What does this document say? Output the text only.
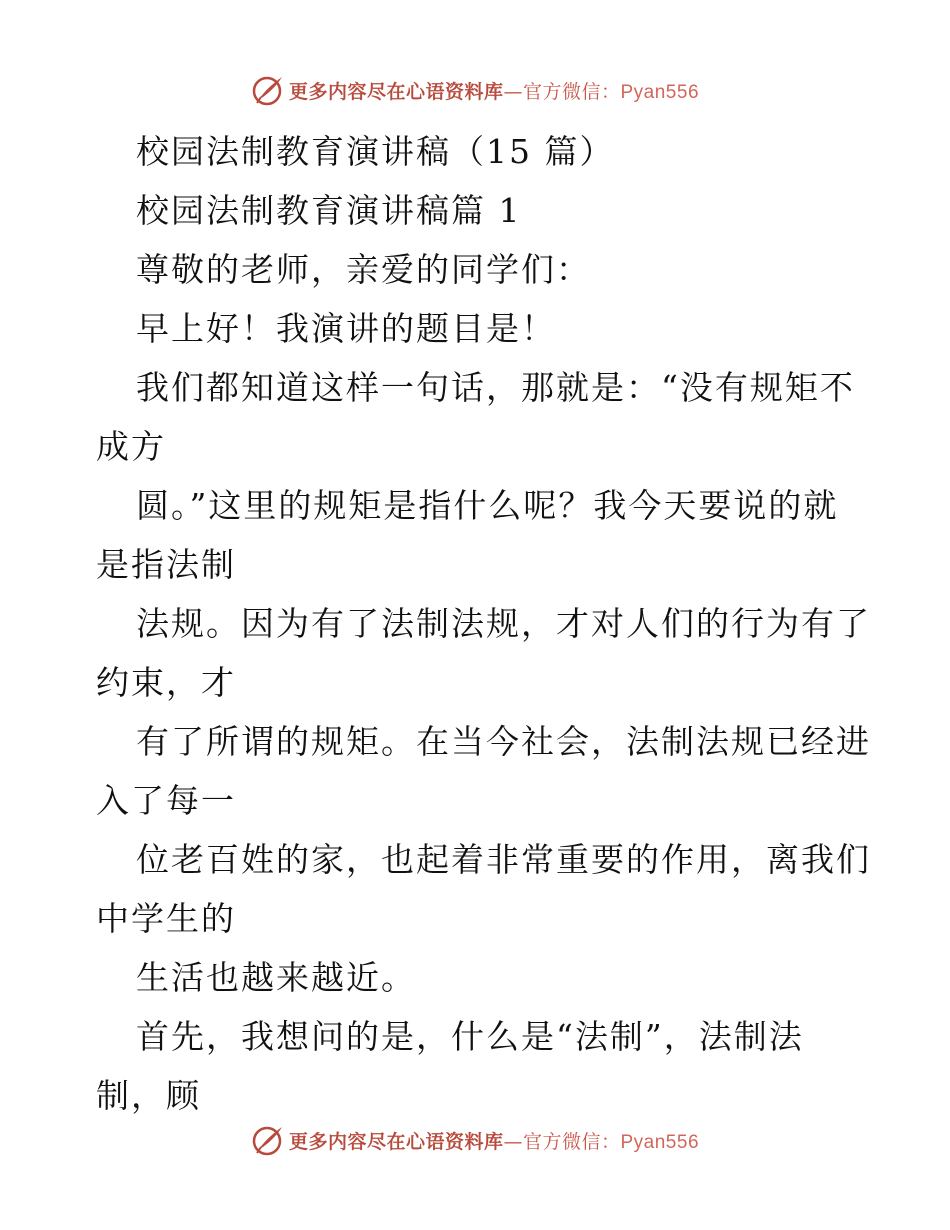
更多内容尽在心语资料库—官方微信：Pyan556
校园法制教育演讲稿（15 篇）
校园法制教育演讲稿篇 1
尊敬的老师，亲爱的同学们：
早上好！我演讲的题目是！
我们都知道这样一句话，那就是：“没有规矩不
成方
圆。”这里的规矩是指什么呢？我今天要说的就
是指法制
法规。因为有了法制法规，才对人们的行为有了
约束，才
有了所谓的规矩。在当今社会，法制法规已经进
入了每一
位老百姓的家，也起着非常重要的作用，离我们
中学生的
生活也越来越近。
首先，我想问的是，什么是“法制”，法制法
制，顾
更多内容尽在心语资料库—官方微信：Pyan556
